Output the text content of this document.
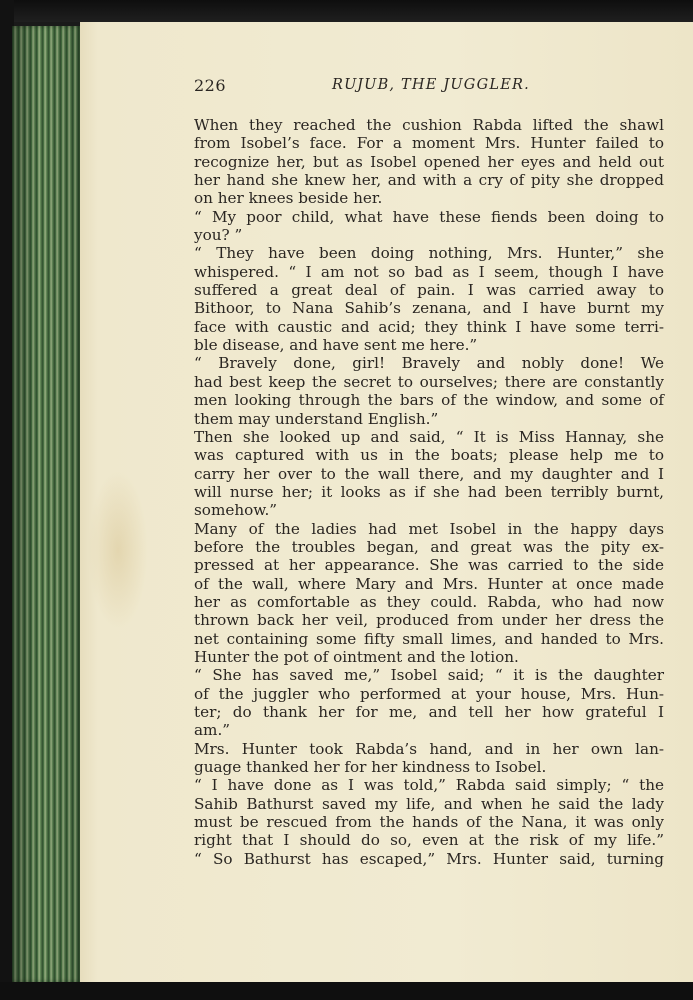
226	RUJUB, THE JUGGLER.
When they reached the cushion Rabda lifted the shawl
from Isobel’s face. For a moment Mrs. Hunter failed to
recognize her, but as Isobel opened her eyes and held out
her hand she knew her, and with a cry of pity she dropped
on her knees beside her.
“ My poor child, what have these fiends been doing to
you? ”
“ They have been doing nothing, Mrs. Hunter,” she
whispered. “ I am not so bad as I seem, though I have
suffered a great deal of pain. I was carried away to
Bithoor, to Nana Sahib’s zenana, and I have burnt my
face with caustic and acid; they think I have some terri-
ble disease, and have sent me here.”
“ Bravely done, girl! Bravely and nobly done! We
had best keep the secret to ourselves; there are constantly
men looking through the bars of the window, and some of
them may understand English.”
Then she looked up and said, “ It is Miss Hannay, she
was captured with us in the boats; please help me to
carry her over to the wall there, and my daughter and I
will nurse her; it looks as if she had been terribly burnt,
somehow.”
Many of the ladies had met Isobel in the happy days
before the troubles began, and great was the pity ex-
pressed at her appearance. She was carried to the side
of the wall, where Mary and Mrs. Hunter at once made
her as comfortable as they could. Rabda, who had now
thrown back her veil, produced from under her dress the
net containing some fifty small limes, and handed to Mrs.
Hunter the pot of ointment and the lotion.
“ She has saved me,” Isobel said; “ it is the daughter
of the juggler who performed at your house, Mrs. Hun-
ter; do thank her for me, and tell her how grateful I
am.”
Mrs. Hunter took Rabda’s hand, and in her own lan-
guage thanked her for her kindness to Isobel.
“ I have done as I was told,” Rabda said simply; “ the
Sahib Bathurst saved my life, and when he said the lady
must be rescued from the hands of the Nana, it was only
right that I should do so, even at the risk of my life.”
“ So Bathurst has escaped,” Mrs. Hunter said, turning
